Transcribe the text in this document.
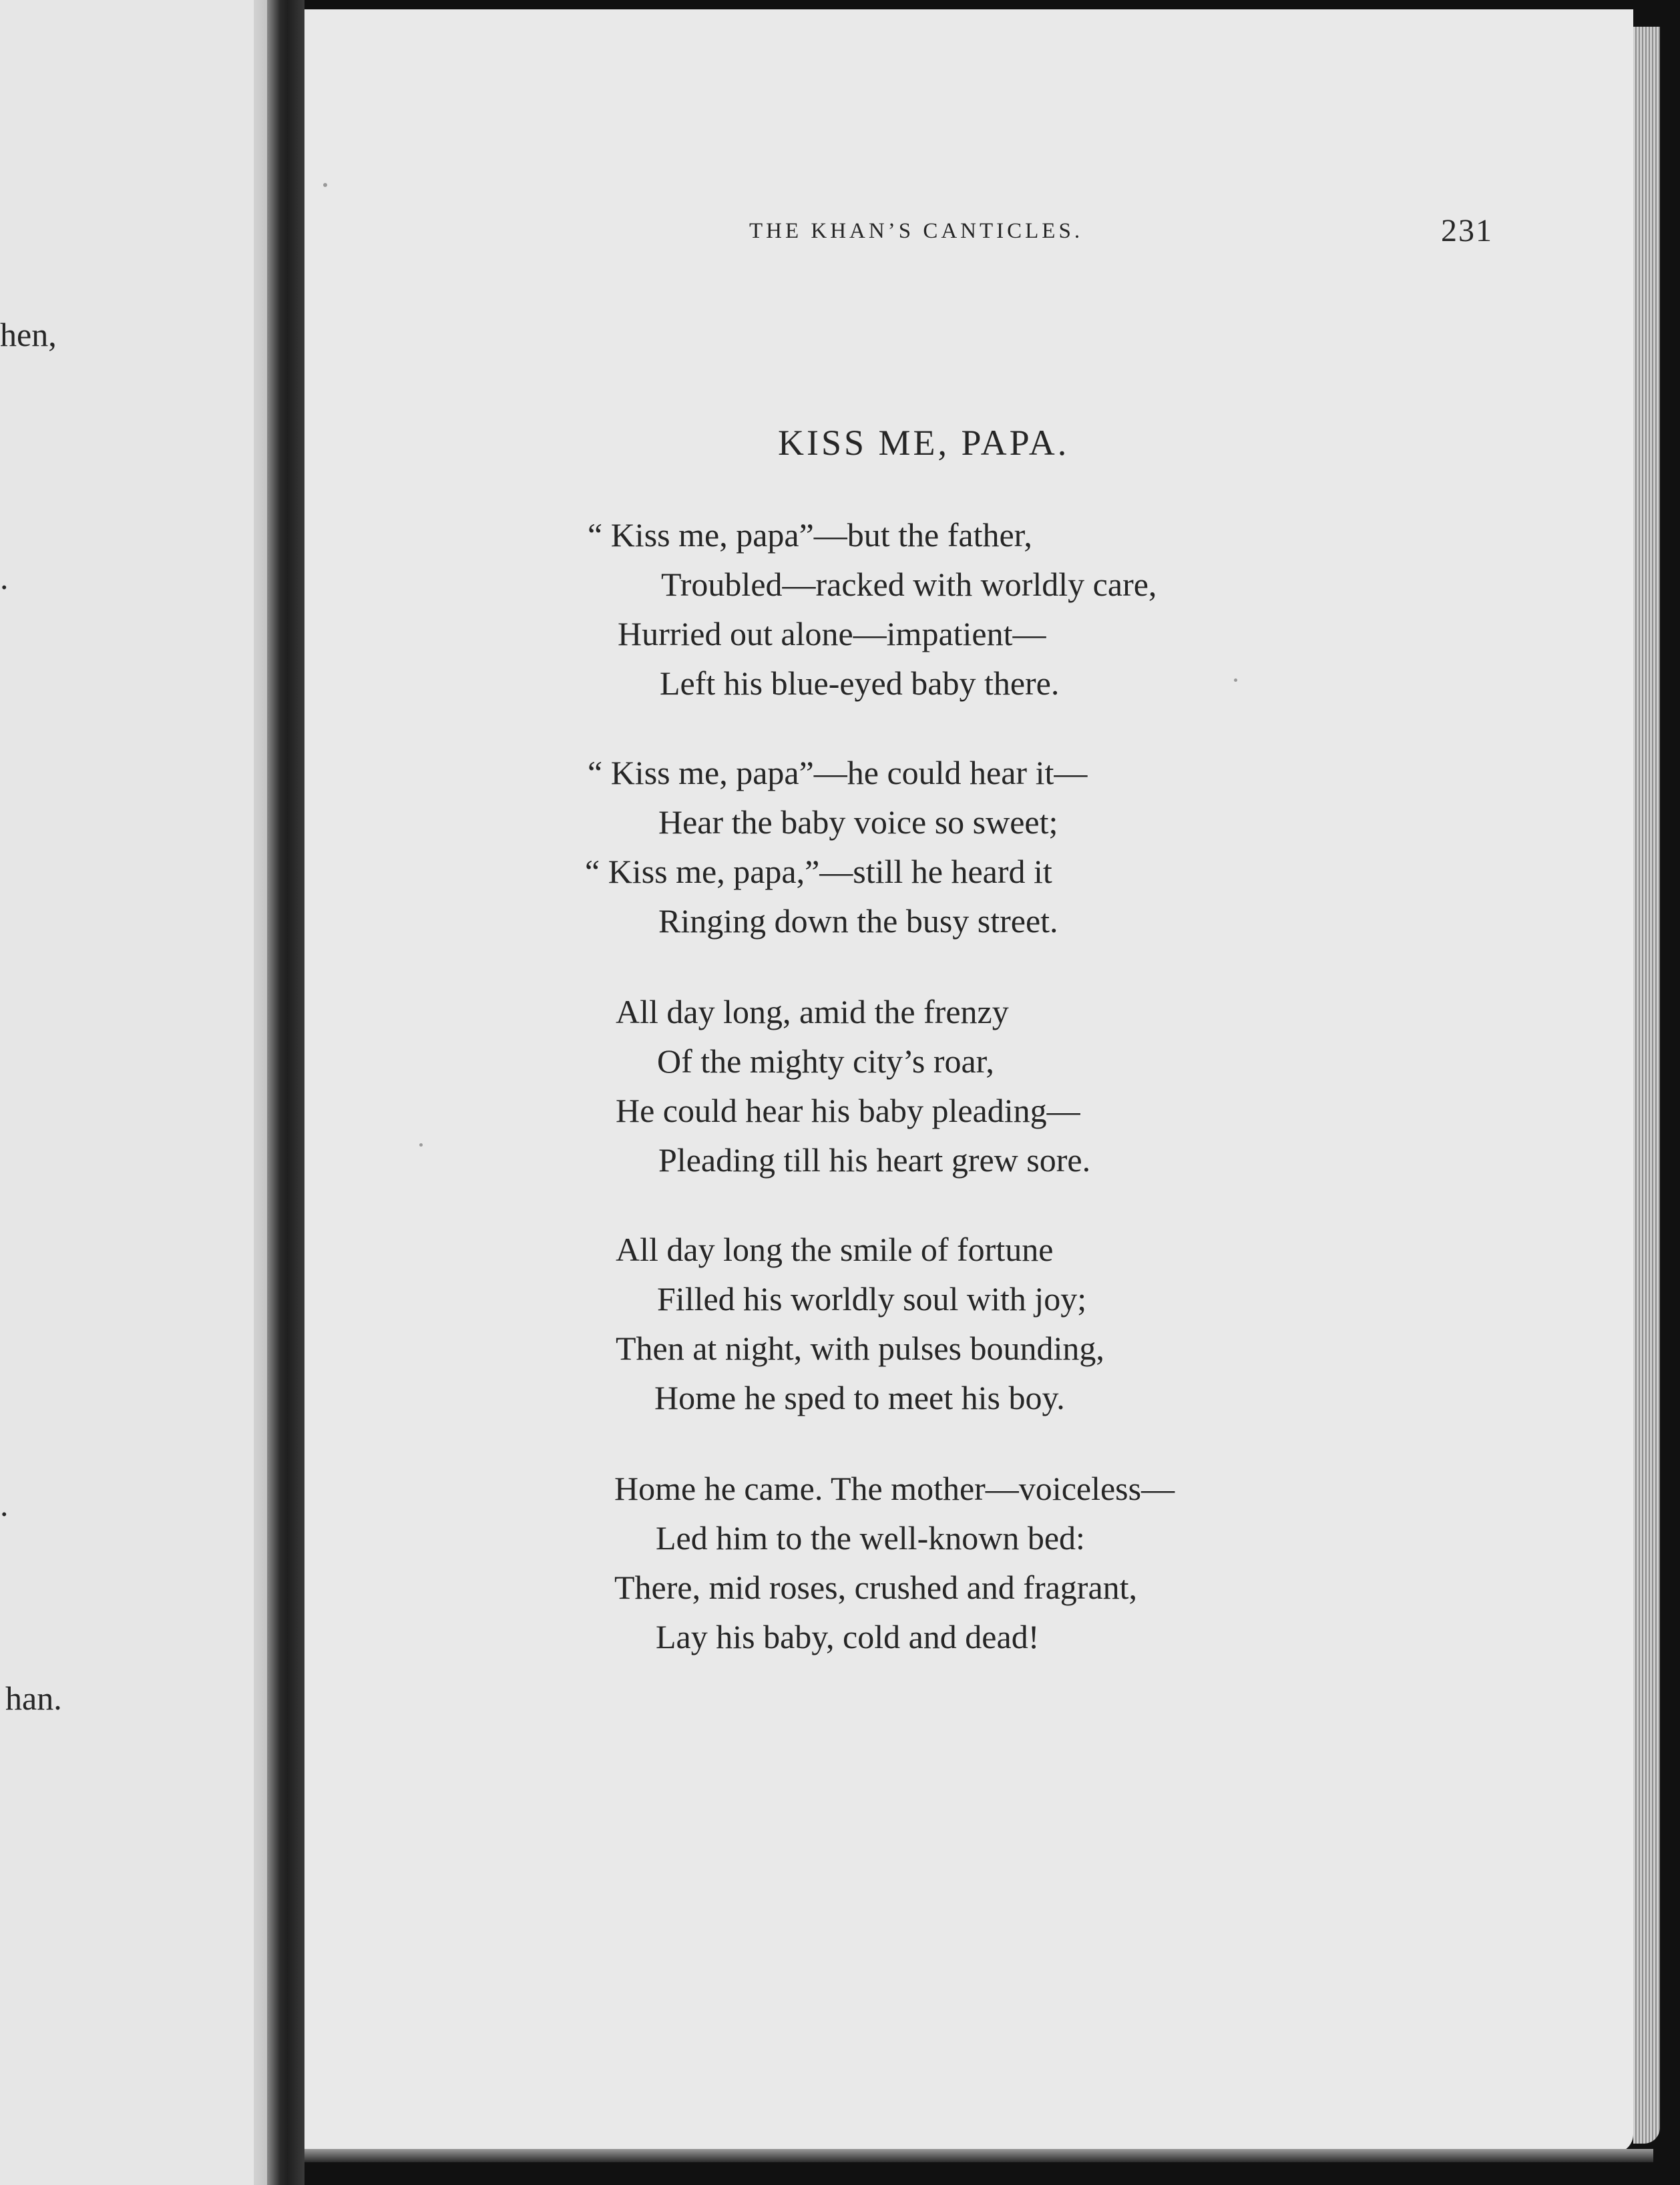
hen,
.
.
han.
THE KHAN’S CANTICLES.	231
KISS ME, PAPA.
“ Kiss me, papa”—but the father,
Troubled—racked with worldly care,
Hurried out alone—impatient—
Left his blue-eyed baby there.
“ Kiss me, papa”—he could hear it—
Hear the baby voice so sweet;
“ Kiss me, papa,”—still he heard it
Ringing down the busy street.
All day long, amid the frenzy
Of the mighty city’s roar,
He could hear his baby pleading—
Pleading till his heart grew sore.
All day long the smile of fortune
Filled his worldly soul with joy;
Then at night, with pulses bounding,
Home he sped to meet his boy.
Home he came. The mother—voiceless—
Led him to the well-known bed:
There, mid roses, crushed and fragrant,
Lay his baby, cold and dead!
